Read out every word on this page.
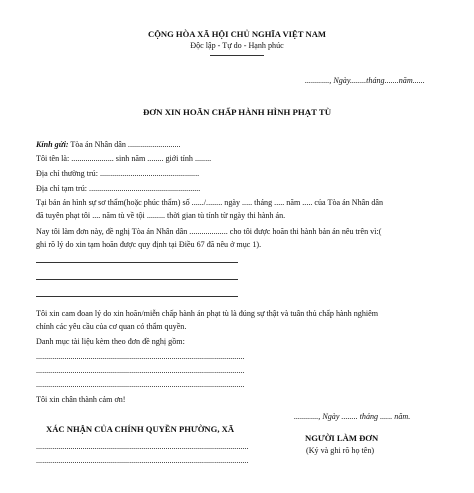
CỘNG HÒA XÃ HỘI CHỦ NGHĨA VIỆT NAM
Độc lập - Tự do - Hạnh phúc
............, Ngày........tháng.......năm......
ĐƠN XIN HOÃN CHẤP HÀNH HÌNH PHẠT TÙ
Kính gửi: Tòa án Nhân dân ..........................
Tôi tên là: ..................... sinh năm ........ giới tính ........
Địa chỉ thường trú: .................................................
Địa chỉ tạm trú: .......................................................
Tại bản án hình sự sơ thẩm(hoặc phúc thẩm) số ....../........ ngày ..... tháng ..... năm ..... của Tòa án Nhân dân
đã tuyên phạt tôi .... năm tù về tội ......... thời gian tù tính từ ngày thi hành án.
Nay tôi làm đơn này, đề nghị Tòa án Nhân dân ................... cho tôi được hoãn thi hành bản án nêu trên vì:(
ghi rõ lý do xin tạm hoãn được quy định tại Điều 67 đã nêu ở mục 1).
Tôi xin cam đoan lý do xin hoãn/miễn chấp hành án phạt tù là đúng sự thật và tuân thủ chấp hành nghiêm
chỉnh các yêu cầu của cơ quan có thẩm quyền.
Danh mục tài liệu kèm theo đơn đề nghị gồm:
.......................................................................................................
.......................................................................................................
.......................................................................................................
Tôi xin chân thành cảm ơn!
............, Ngày ........ tháng ...... năm.
XÁC NHẬN CỦA CHÍNH QUYỀN PHƯỜNG, XÃ
NGƯỜI LÀM ĐƠN
.........................................................................................................	(Ký và ghi rõ họ tên)
.........................................................................................................
